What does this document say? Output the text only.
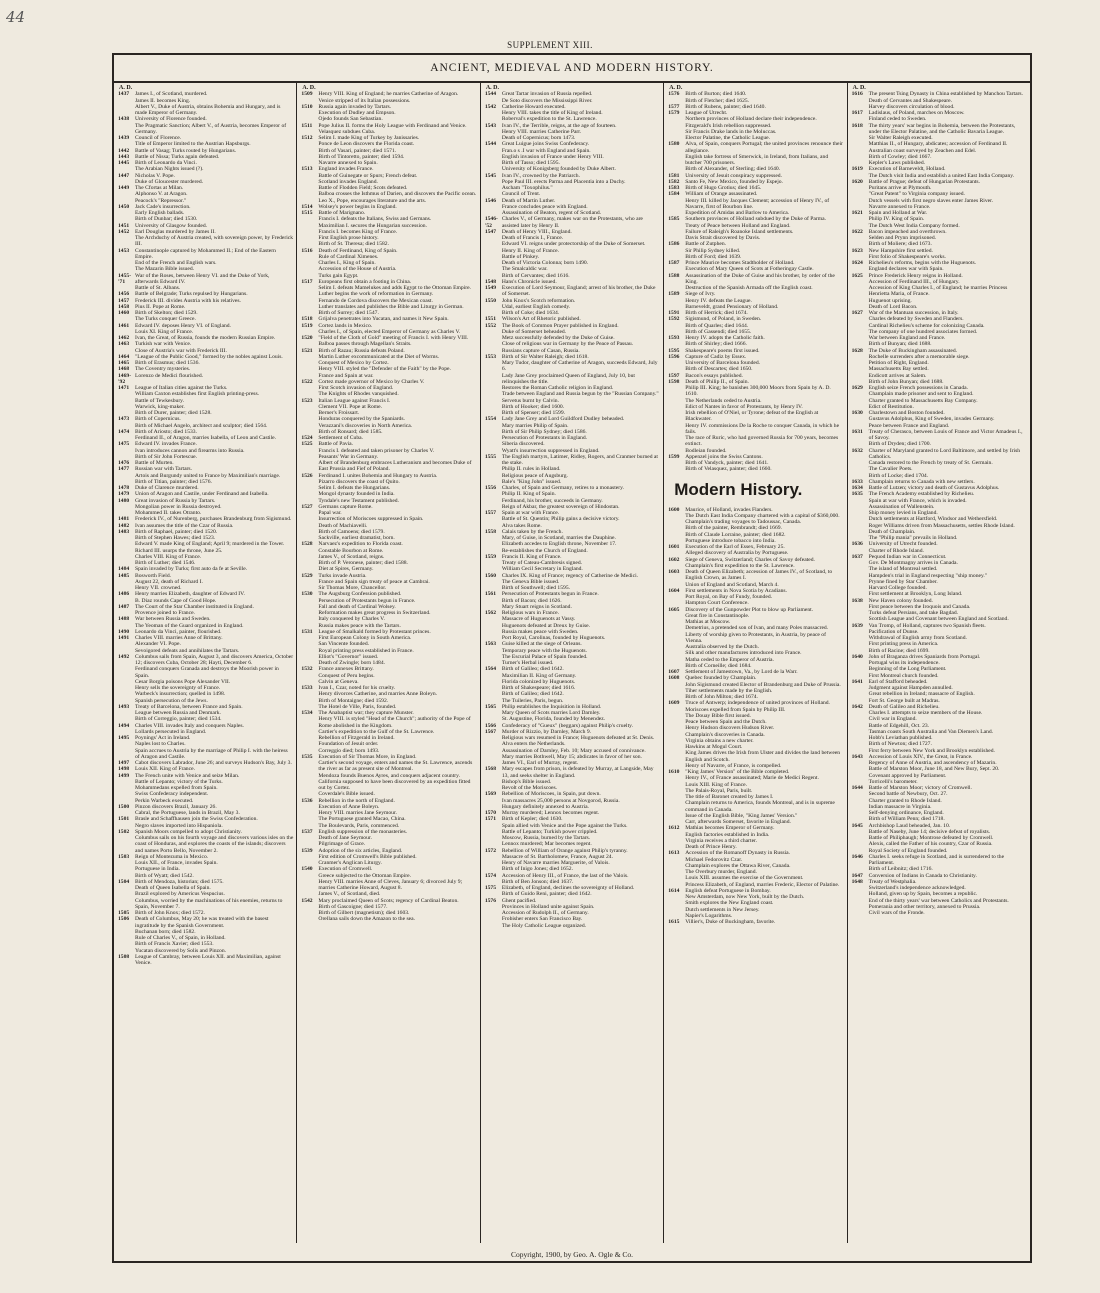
44
SUPPLEMENT XIII.
ANCIENT, MEDIEVAL AND MODERN HISTORY.
A. D.
1437	James I., of Scotland, murdered.
James II. becomes King.
Albert V., Duke of Austria, obtains Bohemia and Hungary, and is made Emperor of Germany.
1438	University of Florence founded.
The Pragmatic Sanction; Albert V., of Austria, becomes Emperor of Germany.
1439	Council of Florence.
Title of Emperor limited to the Austrian Hapsburgs.
1442	Battle of Vasag; Turks routed by Hungarians.
1443	Battle of Nissa; Turks again defeated.
1445	Birth of Leonardo da Vinci.
The Arabian Nights issued (?).
1447	Nicholas V. Pope.
Duke of Gloucester murdered.
1449	The Cfortas at Milan.
Alphonso V. at Aragon.
Peacock's "Repressor."
1450	Jack Cade's insurrection.
Early English ballads.
Birth of Dunbar; died 1530.
1451	University of Glasgow founded.
1452	Earl Douglas murdered by James II.
The Archduchy of Austria created, with sovereign power, by Frederick III.
1453	Constantinople captured by Mohammed II.; End of the Eastern Empire.
End of the French and English wars.
The Mazarin Bible issued.
1455-'71
War of the Roses, between Henry VI. and the Duke of York, afterwards Edward IV.
Battle of St. Albans.
1456	Battle of Belgrade; Turks repulsed by Hungarians.
1457	Frederick III. divides Austria with his relatives.
1458	Pius II. Pope at Rome.
1460	Birth of Skelton; died 1529.
The Turks conquer Greece.
1461	Edward IV. deposes Henry VI. of England.
Louis XI. King of France.
1462	Ivan, the Great, of Russia, founds the modern Russian Empire.
1463	Turkish war with Venice.
Close of Austria's war with Frederick III.
1464	"League of the Public Good," formed by the nobles against Louis.
1465	Birth of Erasmus; died 1536.
1468	The Coventry mysteries.
1469-'92
Lorenzo de Medici flourished.
1471	League of Italian cities against the Turks.
William Caxton establishes first English printing-press.
Battle of Tewkesbury.
Warwick, king-maker.
Birth of Durer, painter; died 1528.
1473	Birth of Copernicus.
Birth of Michael Angelo, architect and sculptor; died 1564.
1474	Birth of Ariosto; died 1533.
Ferdinand II., of Aragon, marries Isabella, of Leon and Castile.
1475	Edward IV. invades France.
Ivan introduces cannon and firearms into Russia.
Birth of Sir John Fortescue.
1476	Battle of Murten.
1477	Russian war with Tartars.
Artois and Burgundy united to France by Maximilian's marriage.
Birth of Titian, painter; died 1576.
1478	Duke of Clarence murdered.
1479	Union of Aragon and Castile, under Ferdinand and Isabella.
1480	Great invasion of Russia by Tartars.
Mongolian power in Russia destroyed.
Mohammed II. takes Otranto.
1481	Frederick IV., of Nurenberg, purchases Brandenburg from Sigismund.
1482	Ivan assumes the title of the Czar of Russia.
1483	Birth of Raphael, painter; died 1520.
Birth of Stephen Hawes; died 1523.
Edward V. made King of England; April 9; murdered in the Tower.
Richard III. usurps the throne, June 25.
Charles VIII. King of France.
Birth of Luther; died 1546.
1484	Spain invaded by Turks; first auto da fe at Seville.
1485	Bosworth Field.
August 22, death of Richard I.
Henry VII. crowned.
1486	Henry marries Elizabeth, daughter of Edward IV.
B. Diaz rounds Cape of Good Hope.
1487	The Court of the Star Chamber instituted in England.
Provence joined to France.
1488	War between Russia and Sweden.
The Yeoman of the Guard organized in England.
1490	Leonardo da Vinci, painter, flourished.
1491	Charles VIII. marries Anne of Brittany.
Alexander VI. Pope.
Sevoigored defeats and annihilates the Tartars.
1492	Columbus sails from Spain, August 3, and discovers America, October 12; discovers Cuba, October 28; Hayti, December 6.
Ferdinand conquers Granada and destroys the Moorish power in Spain.
Cesar Borgia poisons Pope Alexander VII.
Henry sells the sovereignty of France.
Warbeck's insurrection; quelled in 1498.
Spanish persecution of the Jews.
1493	Treaty of Barcelona, between France and Spain.
League between Russia and Denmark.
Birth of Correggio, painter; died 1534.
1494	Charles VIII. invades Italy and conquers Naples.
Lollards persecuted in England.
1495	Poynings' Act in Ireland.
Naples lost to Charles.
Spain accrues to Austria by the marriage of Philip I. with the heiress of Aragon and Castile.
1497	Cabot discovers Labrador, June 26; and surveys Hudson's Bay, July 3.
1498	Louis XII. King of France.
1499	The French unite with Venice and seize Milan.
Battle of Lepanto; victory of the Turks.
Mohammedans expelled from Spain.
Swiss Confederacy independent.
Perkin Warbeck executed.
1500	Pinzon discovers Brazil, January 26.
Cabral, the Portuguese, lands in Brazil, May 3.
1501	Brasle and Schaffhausen join the Swiss Confederation.
Negro slaves imported into Hispaniola.
1502	Spanish Moors compelled to adopt Christianity.
Columbus sails on his fourth voyage and discovers various isles on the coast of Honduras, and explores the coasts of the islands; discovers and names Porto Bello, November 2.
1503	Reign of Montezuma in Mexico.
Louis XII., of France, invades Spain.
Portuguese in India.
Birth of Wyatt; died 1542.
1504	Birth of Mendoza, historian; died 1575.
Death of Queen Isabella of Spain.
Brazil explored by Americus Vespucius.
Columbus, worried by the machinations of his enemies, returns to Spain, November 7.
1505	Birth of John Knox; died 1572.
1506	Death of Columbus, May 20; he was treated with the basest ingratitude by the Spanish Government.
Buchanan born; died 1582.
Rule of Charles V., of Spain, in Holland.
Birth of Francis Xavier; died 1553.
Yucatan discovered by Solis and Pinzon.
1508	League of Cambray, between Louis XII. and Maximilian, against Venice.
A. D.
1509	Henry VIII. King of England; he marries Catherine of Aragon.
Venice stripped of its Italian possessions.
1510	Russia again invaded by Tartars.
Execution of Dudley and Empson.
Ojedo founds San Sebastian.
1511	Pope Julius II. forms the Holy League with Ferdinand and Venice.
Velasquez subdues Cuba.
1512	Selim I. made King of Turkey by Janissaries.
Ponce de Leon discovers the Florida coast.
Birth of Vasari, painter; died 1571.
Birth of Tintoretto, painter; died 1594.
Navarre annexed to Spain.
1513	England invades France.
Battle of Guinegate or Spurs; French defeat.
Scotland invades England.
Battle of Flodden Field; Scots defeated.
Balboa crosses the Isthmus of Darien, and discovers the Pacific ocean.
Leo X., Pope, encourages literature and the arts.
1514	Wolsey's power begins in England.
1515	Battle of Marignano.
Francis I. defeats the Italians, Swiss and Germans.
Maximilian I. secures the Hungarian succession.
Francis I. becomes King of France.
First English prose history.
Birth of St. Theresa; died 1582.
1516	Death of Ferdinand, King of Spain.
Rule of Cardinal Ximenes.
Charles I., King of Spain.
Accession of the House of Austria.
Turks gain Egypt.
1517	Europeans first obtain a footing in China.
Selim I. defeats Mamelukes and adds Egypt to the Ottoman Empire.
Luther begins the work of reformation in Germany.
Fernando de Cordova discovers the Mexican coast.
Luther translates and publishes the Bible and Liturgy in German.
Birth of Surrey; died 1547.
1518	Grijalva penetrates into Yucatan, and names it New Spain.
1519	Cortez lands in Mexico.
Charles I., of Spain, elected Emperor of Germany as Charles V.
1520	"Field of the Cloth of Gold" meeting of Francis I. with Henry VIII.
Balboa passes through Magellan's Straits.
1521	Birth of Razau; Russia defeats Poland.
Martin Luther excommunicated at the Diet of Worms.
Conquest of Mexico by Cortez.
Henry VIII. styled the "Defender of the Faith" by the Pope.
France and Spain at war.
1522	Cortez made governor of Mexico by Charles V.
First Scotch invasion of England.
The Knights of Rhodes vanquished.
1523	Italian League against Francis I.
Clement VII. Pope at Rome.
Berner's Froissart.
Honduras conquered by the Spaniards.
Verazzani's discoveries in North America.
Birth of Ronsard; died 1585.
1524	Settlement of Cuba.
1525	Battle of Pavia.
Francis I. defeated and taken prisoner by Charles V.
Peasants' War in Germany.
Albert of Brandenburg embraces Lutheranism and becomes Duke of East Prussia and Fief of Poland.
1526	Ferdinand I. unites Bohemia and Hungary to Austria.
Pizarro discovers the coast of Quito.
Selim I. defeats the Hungarians.
Mongol dynasty founded in India.
Tyndale's new Testament published.
1527	Germans capture Rome.
Papal war.
Insurrection of Moriscoes suppressed in Spain.
Death of Machiavelli.
Birth of Camoens; died 1579.
Sackville, earliest dramatist, born.
1528	Narvaez's expedition to Florida coast.
Constable Bourbon at Rome.
James V., of Scotland, reigns.
Birth of P. Veronese, painter; died 1588.
Diet at Spires, Germany.
1529	Turks invade Austria.
France and Spain sign treaty of peace at Cambrai.
Sir Thomas More, Chancellor.
1530	The Augsburg Confession published.
Persecution of Protestants begun in France.
Fall and death of Cardinal Wolsey.
Reformation makes great progress in Switzerland.
Italy conquered by Charles V.
Russia makes peace with the Tartars.
1531	League of Smalkald formed by Protestant princes.
First European Colony in South America.
San Vincente founded.
Royal printing press established in France.
Elliot's "Governor" issued.
Death of Zwingle; born 1484.
1532	France annexes Brittany.
Conquest of Peru begins.
Calvin at Geneva.
1533	Ivan I., Czar, noted for his cruelty.
Henry divorces Catherine, and marries Anne Boleyn.
Birth of Montaigne; died 1592.
The Hotel de Ville, Paris, founded.
1534	The Anabaptist war; they capture Munster.
Henry VIII. is styled "Head of the Church"; authority of the Pope of Rome abolished in the Kingdom.
Cartier's expedition to the Gulf of the St. Lawrence.
Rebellion of Fitzgerald in Ireland.
Foundation of Jesuit order.
Correggio died; born 1493.
1535	Execution of Sir Thomas More, in England.
Cartier's second voyage, enters and names the St. Lawrence, ascends the river as far as present site of Montreal.
Mendoza founds Buenos Ayres, and conquers adjacent country.
California supposed to have been discovered by an expedition fitted out by Cortez.
Coverdale's Bible issued.
1536	Rebellion in the north of England.
Execution of Anne Boleyn.
Henry VIII. marries Jane Seymour.
The Portuguese granted Macao, China.
The Boulevards, Paris, commenced.
1537	English suppression of the monasteries.
Death of Jane Seymour.
Pilgrimage of Grace.
1539	Adoption of the six articles, England.
First edition of Cromwell's Bible published.
Cranmer's Anglican Liturgy.
1540	Execution of Cromwell.
Greece subjected to the Ottoman Empire.
Henry VIII. marries Anne of Cleves, January 6; divorced July 9; marries Catherine Howard, August 8.
James V., of Scotland, died.
1542	Mary proclaimed Queen of Scots; regency of Cardinal Beaton.
Birth of Gascoigne; died 1577.
Birth of Gilbert (magnetism); died 1603.
Orellana sails down the Amazon to the sea.
A. D.
1544	Great Tartar invasion of Russia repelled.
De Soto discovers the Mississippi River.
1542	Catherine Howard executed.
Henry VIII. takes the title of King of Ireland.
Roberval's expedition to the St. Lawrence.
1543	Ivan IV., the Terrible, reigns, at the age of fourteen.
Henry VIII. marries Catherine Parr.
Death of Copernicus; born 1473.
1544	Great Luigue joins Swiss Confederacy.
Fran.o s .I war with England and Spain.
English invasion of France under Henry VIII.
Birth of Tasso; died 1595.
University of Konigsberg founded by Duke Albert.
1545	Ivan IV., crowned by the Patriarch.
Pope Paul III. erects Parma and Placentia into a Duchy.
Ascham "Toxophilus."
Council of Trent.
1546	Death of Martin Luther.
France concludes peace with England.
Assassination of Beaton, regent of Scotland.
1546-'52
Charles V., of Germany, makes war on the Protestants, who are assisted later by Henry II.
1547	Death of Henry VIII., England.
Death of Francis I., France.
Edward VI. reigns under protectorship of the Duke of Somerset.
Henry II. King of France.
Battle of Pinkey.
Death of Victoria Colonna; born 1490.
The Smalcaldic war.
Birth of Cervantes; died 1616.
1548	Hans's Chronicle issued.
1549	Execution of Lord Seymour, England; arrest of his brother, the Duke of Somerset.
1550	John Knox's Scotch reformation.
Udal, earliest English comedy.
Birth of Coke; died 1634.
1551	Wilson's Art of Rhetoric published.
1552	The Book of Common Prayer published in England.
Duke of Somerset beheaded.
Metz successfully defended by the Duke of Guise.
Close of religious war in Germany by the Peace of Passau.
Russians capture of Casan, Russia.
1553	Birth of Sir Walter Raleigh; died 1618.
Mary Tudor, daughter of Catherine of Aragon, succeeds Edward, July 6.
Lady Jane Grey proclaimed Queen of England, July 10, but relinquishes the title.
Restores the Roman Catholic religion in England.
Trade between England and Russia begun by the "Russian Company."
Servetus burnt by Calvin.
Birth of Hooker; died 1600.
Birth of Spenser; died 1599.
1554	Lady Jane Grey and Lord Guildford Dudley beheaded.
Mary marries Philip of Spain.
Birth of Sir Philip Sydney; died 1586.
Persecution of Protestants in England.
Siberia discovered.
Wyatt's insurrection suppressed in England.
1555	The English martyrs, Latimer, Ridley, Rogers, and Cranmer burned at the stake.
Philip II. rules in Holland.
Religious peace of Augsburg.
Bale's "King John" issued.
1556	Charles, of Spain and Germany, retires to a monastery.
Philip II. King of Spain.
Ferdinand, his brother, succeeds in Germany.
Reign of Akbar, the greatest sovereign of Hindostan.
1557	Spain at war with France.
Battle of St. Quentin; Philip gains a decisive victory.
Alva takes Rome.
1558	Calais taken by the French.
Mary, of Guise, in Scotland, marries the Dauphine.
Elizabeth accedes to English throne, November 17.
Re-establishes the Church of England.
1559	Francis II. King of France.
Treaty of Cateau-Cambresis signed.
William Cecil Secretary in England.
1560	Charles IX. King of France; regency of Catherine de Medici.
The Geneva Bible issued.
Birth of Southwell; died 1595.
1561	Persecution of Protestants begun in France.
Birth of Bacon; died 1626.
Mary Stuart reigns in Scotland.
1562	Religious wars in France.
Massacre of Huguenots at Vassy.
Huguenots defeated at Dreux by Guise.
Russia makes peace with Sweden.
Port Royal, Carolinas, founded by Huguenots.
1563	Guise killed at the siege of Orleans.
Temporary peace with the Huguenots.
The Escurial Palace of Spain founded.
Turner's Herbal issued.
1564	Birth of Galileo; died 1642.
Maximilian II. King of Germany.
Florida colonized by Huguenots.
Birth of Shakespeare; died 1616.
Birth of Galileo; died 1642.
The Tuileries, Paris, begun.
1565	Philip establishes the Inquisition in Holland.
Mary Queen of Scots marries Lord Darnley.
St. Augustine, Florida, founded by Menendez.
1566	Confederacy of "Gueux" (beggars) against Philip's cruelty.
1567	Murder of Rizzio, by Darnley, March 9.
Religious wars resumed in France; Huguenots defeated at St. Denis.
Alva enters the Netherlands.
Assassination of Darnley, Feb. 10; Mary accused of connivance.
Mary marries Bothwell, May 15; abdicates in favor of her son.
James VI., Earl of Murray, regent.
1568	Mary escapes from prison, is defeated by Murray, at Langside, May 13, and seeks shelter in England.
Bishop's Bible issued.
Revolt of the Moriscoes.
1569	Rebellion of Moriscoes, in Spain, put down.
Ivan massacres 25,000 persons at Novgorod, Russia.
Hungary definitely annexed to Austria.
1570	Murray murdered; Lennox becomes regent.
1571	Birth of Kepler; died 1630.
Spain allied with Venice and the Pope against the Turks.
Battle of Lepanto; Turkish power crippled.
Moscow, Russia, burned by the Tartars.
Lennox murdered; Mar becomes regent.
1572	Rebellion of William of Orange against Philip's tyranny.
Massacre of St. Bartholomew, France, August 24.
Henry of Navarre marries Marguerite, of Valois.
Birth of Inigo Jones; died 1652.
1574	Accession of Henry III., of France, the last of the Valois.
Birth of Ben Jonson; died 1637.
1575	Elizabeth, of England, declines the sovereignty of Holland.
Birth of Guido Reni, painter; died 1642.
1576	Ghent pacified.
Provinces in Holland unite against Spain.
Accession of Rudolph II., of Germany.
Frobisher enters San Francisco Bay.
The Holy Catholic League organized.
A. D.
1576	Birth of Burton; died 1640.
Birth of Fletcher; died 1625.
1577	Birth of Rubens, painter; died 1640.
1579	League of Utrecht.
Northern provinces of Holland declare their independence.
Fitzgerald's Irish rebellion suppressed.
Sir Francis Drake lands in the Moluccas.
Elector Palatine, the Catholic League.
1580	Alva, of Spain, conquers Portugal; the united provinces renounce their allegiance.
English take fortress of Smerwick, in Ireland, from Italians, and butcher 700 prisoners.
Birth of Alexander, of Sterling; died 1640.
1581	University of Jesuit conspiracy suppressed.
1582	Santo Fe, New Mexico, founded by Espejo.
1583	Birth of Hugo Grotius; died 1645.
1584	William of Orange assassinated.
Henry III. killed by Jacques Clement; accession of Henry IV., of Navarre, first of Bourbon line.
Expedition of Amidas and Barlow to America.
1585	Southern provinces of Holland subdued by the Duke of Parma.
Treaty of Peace between Holland and England.
Failure of Raleigh's Roanoke Island settlements.
Davis Strait discovered by Davis.
1586	Battle of Zutphen.
Sir Philip Sydney killed.
Birth of Ford; died 1639.
1587	Prince Maurice becomes Stadtholder of Holland.
Execution of Mary Queen of Scots at Fotheringay Castle.
1588	Assassination of the Duke of Guise and his brother, by order of the King.
Destruction of the Spanish Armada off the English coast.
1589	Siege of Ivry.
Henry IV. defeats the League.
Barneveldt, grand Pensionary of Holland.
1591	Birth of Herrick; died 1674.
1592	Sigismund, of Poland, in Sweden.
Birth of Quarles; died 1644.
Birth of Gassendi; died 1655.
1593	Henry IV. adopts the Catholic faith.
Birth of Shirley; died 1666.
1595	Shakespeare's poems first issued.
1596	Capture of Cadiz by Essex.
University of Barcelona founded.
Birth of Descartes; died 1650.
1597	Bacon's essays published.
1598	Death of Philip II., of Spain.
Philip III. King; he banishes 300,000 Moors from Spain by A. D. 1610.
The Netherlands ceded to Austria.
Edict of Nantes in favor of Protestants, by Henry IV.
Irish rebellion of O'Niel, or Tyrone; defeat of the English at Blackwater.
Henry IV. commissions De la Roche to conquer Canada, in which he fails.
The race of Ruric, who had governed Russia for 700 years, becomes extinct.
Bodleian founded.
1599	Appenzel joins the Swiss Cantons.
Birth of Vandyck, painter; died 1641.
Birth of Velasquez, painter; died 1660.
Modern History.
1600	Maurice, of Holland, invades Flanders.
The Dutch East India Company chartered with a capital of $360,000.
Champlain's trading voyages to Tadoussac, Canada.
Birth of the painter, Rembrandt; died 1669.
Birth of Claude Lorraine, painter; died 1682.
Portuguese introduce tobacco into India.
1601	Execution of the Earl of Essex, February 25.
Alleged discovery of Australia by Portuguese.
1602	Siege of Geneva, Switzerland; Charles of Savoy defeated.
Champlain's first expedition to the St. Lawrence.
1603	Death of Queen Elizabeth; accession of James IV., of Scotland, to English Crown, as James I.
Union of England and Scotland, March 4.
1604	First settlements in Nova Scotia by Acadians.
Port Royal, on Bay of Fundy, founded.
Hampton Court Conference.
1605	Discovery of the Gunpowder Plot to blow up Parliament.
Great fire in Constantinople.
Mathias at Moscow.
Demetrius, a pretended son of Ivan, and many Poles massacred.
Liberty of worship given to Protestants, in Austria, by peace of Vienna.
Australia observed by the Dutch.
Silk and other manufactures introduced into France.
Matha ceded to the Emperor of Austria.
Birth of Corneille; died 1684.
1607	Settlement of Jamestown, Va., by Lord de la Warr.
1608	Quebec founded by Champlain.
John Sigismund created Elector of Brandenburg and Duke of Prussia.
Tiher settlements made by the English.
Birth of John Milton; died 1674.
1609	Truce of Antwerp; independence of united provinces of Holland.
Moriscoes expelled from Spain by Philip III.
The Douay Bible first issued.
Peace between Spain and the Dutch.
Henry Hudson discovers Hudson River.
Champlain's discoveries in Canada.
Virginia obtains a new charter.
Hawkins at Mogul Court.
King James drives the Irish from Ulster and divides the land between English and Scotch.
Henry of Navarre, of France, is compelled.
1610	"King James' Version" of the Bible completed.
Henry IV., of France assassinated; Marie de Medici Regent.
Louis XIII. King of France.
The Palais-Royal, Paris, built.
The title of Baronet created by James I.
Champlain returns to America, founds Montreal, and is in supreme command in Canada.
Issue of the English Bible, "King James' Version."
Carr, afterwards Somerset, favorite in England.
1612	Mathias becomes Emperor of Germany.
English factories established in India.
Virginia receives a third charter.
Death of Prince Henry.
1613	Accession of the Romanoff Dynasty in Russia.
Michael Fedorovitz Czar.
Champlain explores the Ottawa River, Canada.
The Overbury murder, England.
Louis XIII. assumes the exercise of the Government.
Princess Elizabeth, of England, marries Frederic, Elector of Palatine.
1614	English defeat Portuguese in Bombay.
New Amsterdam, now New York, built by the Dutch.
Smith explores the New England coast.
Dutch settlements in New Jersey.
Napier's Logarithms.
1615	Villier's, Duke of Buckingham, favorite.
A. D.
1616	The present Tsing Dynasty in China established by Manchou Tartars.
Death of Cervantes and Shakespeare.
Harvey discovers circulation of blood.
1617	Ladislaus, of Poland, marches on Moscow.
Finland ceded to Sweden.
1618	The thirty years' war begins in Bohemia, between the Protestants, under the Elector Palatine, and the Catholic Bavaria League.
Sir Walter Raleigh executed.
Matthias II., of Hungary, abdicates; accession of Ferdinand II.
Australian coast surveyed by Zeachen and Edel.
Birth of Cowley; died 1667.
Kepler's Laws published.
1619	Execution of Barneveldt, Holland.
The Dutch visit India and establish a united East India Company.
1620	Battle of Prague; defeat of Hungarian Protestants.
Puritans arrive at Plymouth.
"Great Patent" to Virginia company issued.
Dutch vessels with first negro slaves enter James River.
Navarre annexed to France.
1621	Spain and Holland at War.
Philip IV. King of Spain.
The Dutch West India Company formed.
1622	Bacon impeached and overthrown.
Selden and Prynn imprisoned.
Birth of Moliere; died 1673.
1623	New Hampshire first settled.
First folio of Shakespeare's works.
1624	Richelieu's reforms, begins with the Huguenots.
England declares war with Spain.
1625	Prince Frederick Henry reigns in Holland.
Accession of Ferdinand III., of Hungary.
Accession of King Charles I., of England; he marries Princess Henrietta Maria, of France.
Huguenot uprising.
Death of Lord Bacon.
1627	War of the Mantuan succession, in Italy.
Charles defeated by Sweden and Flanders.
Cardinal Richelieu's scheme for colonizing Canada.
The company of one hundred associates formed.
War between England and France.
Birth of Bunyan; died 1688.
1628	The Duke of Buckingham assassinated.
Rochelle surrenders after a memorable siege.
Petition of Right, England.
Massachusetts Bay settled.
Endicott arrives at Salem.
Birth of John Bunyan; died 1688.
1629	English seize French possessions in Canada.
Champlain made prisoner and sent to England.
Charter granted to Massachusetts Bay Company.
Edict of Restitution.
1630	Charlestown and Boston founded.
Gustavus Adolphus, King of Sweden, invades Germany.
Peace between France and England.
1631	Treaty of Cherasco, between Louis of France and Victor Amadeus I., of Savoy.
Birth of Dryden; died 1700.
1632	Charter of Maryland granted to Lord Baltimore, and settled by Irish Catholics.
Canada restored to the French by treaty of St. Germain.
The Cavalier Poets.
Birth of Locke; died 1704.
1633	Champlain returns to Canada with new settlers.
1634	Battle of Lutzen; victory and death of Gustavus Adolphus.
1635	The French Academy established by Richelieu.
Spain at war with France, which is invaded.
Assassination of Wallenstein.
Ship money levied in England.
Dutch settlements at Hartford, Windsor and Wethersfield.
Roger Williams driven from Massachusetts, settles Rhode Island.
Death of Champlain.
The "Philip mania" prevails in Holland.
1636	University of Utrecht founded.
Charter of Rhode Island.
1637	Pequod Indian war in Connecticut.
Gov. De Montmagny arrives in Canada.
The island of Montreal settled.
Hampden's trial in England respecting "ship money."
Prynne fined by Star Chamber.
Harvard College founded.
First settlement at Brooklyn, Long Island.
1638	New Haven colony founded.
First peace between the Iroquois and Canada.
Turks defeat Persians, and take Bagdad.
Scottish League and Covenant between England and Scotland.
1639	Van Tromp, of Holland, captures two Spanish fleets.
Pacification of Dunse.
Withdrawal of English army from Scotland.
First printing press in America.
Birth of Racine; died 1699.
1640	John of Braganza drives Spaniards from Portugal.
Portugal wins its independence.
Beginning of the Long Parliament.
First Montreal church founded.
1641	Earl of Stafford beheaded.
Judgment against Hampden annulled.
Great rebellion in Ireland; massacre of English.
Fort St. George built at Madras.
1642	Death of Galileo and Richelieu.
Charles I. attempts to seize members of the House.
Civil war in England.
Battle of Edgehill, Oct. 23.
Tasman coasts South Australia and Van Diemen's Land.
Hobb's Leviathan published.
Birth of Newton; died 1727.
First ferry between New York and Brooklyn established.
1643	Accession of Louis XIV., the Great, in France.
Regency of Anne of Austria, and ascendency of Mazarin.
Battle of Marston Moor, June 18, and New Bury, Sept. 20.
Covenant approved by Parliament.
Torricelli's barometer.
1644	Battle of Marston Moor; victory of Cromwell.
Second battle of Newbury, Oct. 27.
Charter granted to Rhode Island.
Indian massacre in Virginia.
Self-denying ordinance, England.
Birth of William Penn; died 1718.
1645	Archbishop Laud beheaded, Jan. 10.
Battle of Naseby, June 14; decisive defeat of royalists.
Battle of Philiphaugh; Montrose defeated by Cromwell.
Alexis, called the Father of his country, Czar of Russia.
Royal Society of England founded.
1646	Charles I. seeks refuge in Scotland, and is surrendered to the Parliament.
Birth of Leibnitz; died 1716.
1647	Conversion of Indians in Canada to Christianity.
1648	Treaty of Westphalia.
Switzerland's independence acknowledged.
Holland, given up by Spain, becomes a republic.
End of the thirty years' war between Catholics and Protestants.
Pomerania and other territory, annexed to Prussia.
Civil wars of the Fronde.
Copyright, 1900, by Geo. A. Ogle & Co.
